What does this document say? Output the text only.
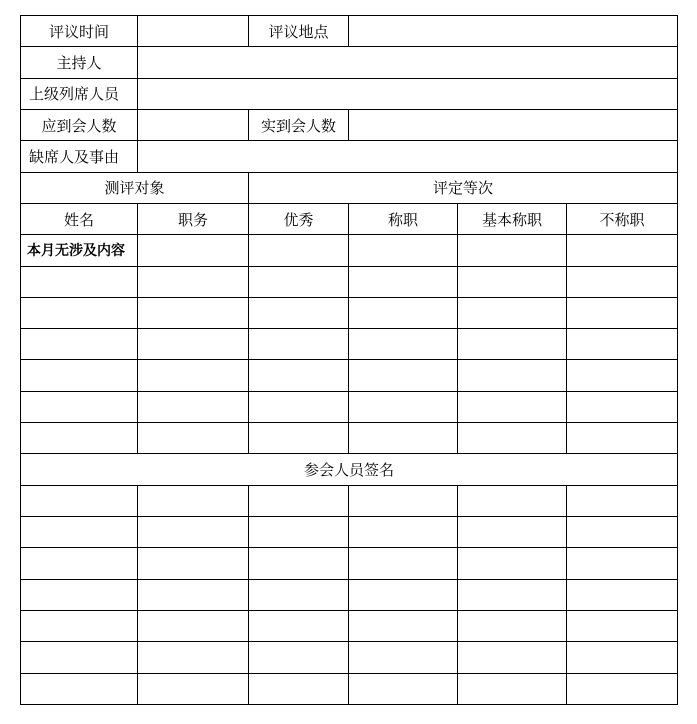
评议时间		评议地点			
主持人					
上级列席人员					
应到会人数		实到会人数			
缺席人及事由					
测评对象		评定等次			
姓名	职务	优秀	称职	基本称职	不称职
本月无涉及内容					

参会人员签名					
